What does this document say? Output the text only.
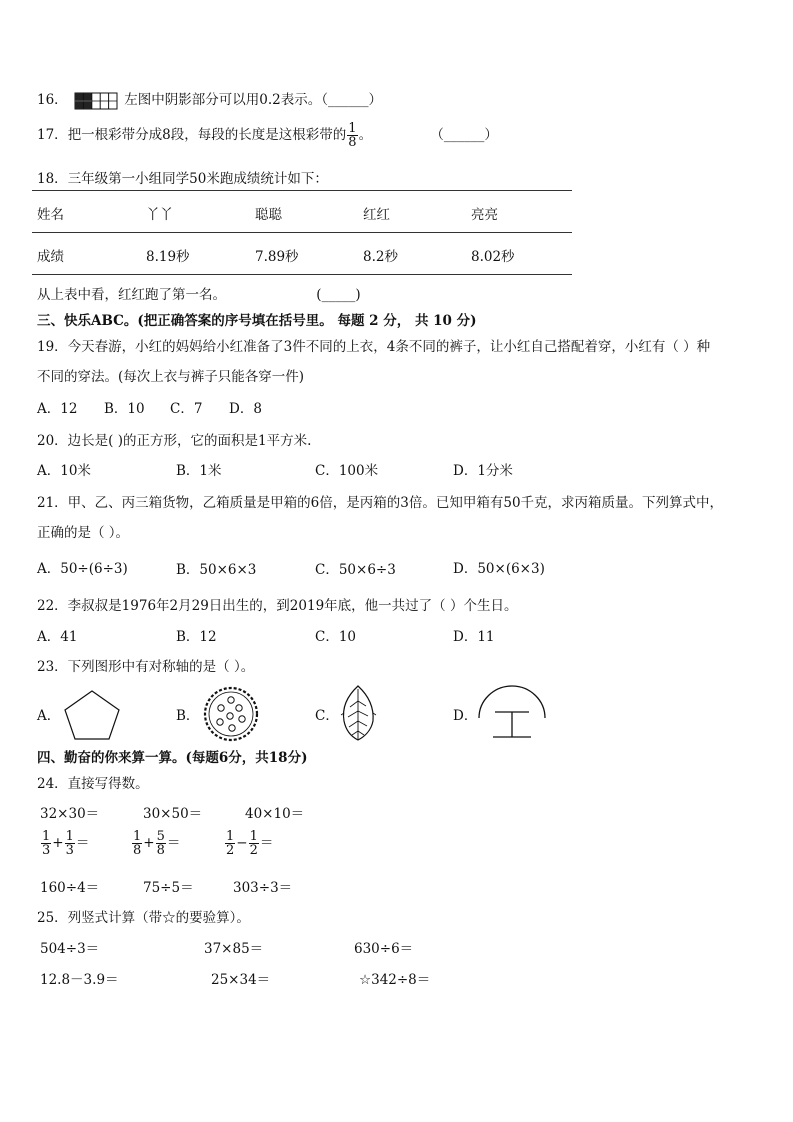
16．	左图中阴影部分可以用0.2表示。（______）
17．把一根彩带分成8段，每段的长度是这根彩带的 $\frac{1}{8}$ 。	（______）
18．三年级第一小组同学50米跑成绩统计如下：
姓名	丫丫	聪聪	红红	亮亮
成绩	8.19秒	7.89秒	8.2秒	8.02秒
从上表中看，红红跑了第一名。	(_____)
三、快乐ABC。(把正确答案的序号填在括号里。 每题 2 分， 共 10 分)
19．今天春游，小红的妈妈给小红准备了3件不同的上衣，4条不同的裤子，让小红自己搭配着穿，小红有（ ）种
不同的穿法。(每次上衣与裤子只能各穿一件)
A．12 B．10 C．7 D．8
20．边长是( )的正方形，它的面积是1平方米.
A．10米	B．1米	C．100米	D．1分米
21．甲、乙、丙三箱货物，乙箱质量是甲箱的6倍，是丙箱的3倍。已知甲箱有50千克，求丙箱质量。下列算式中，
正确的是（ ）。
A．50÷(6÷3)	B．50×6×3	C．50×6÷3	D．50×(6×3)
22．李叔叔是1976年2月29日出生的，到2019年底，他一共过了（ ）个生日。
A．41	B．12	C．10	D．11
23．下列图形中有对称轴的是（ ）。
A．	B．	C．	D．
四、勤奋的你来算一算。(每题6分，共18分)
24．直接写得数。
32×30＝	30×50＝	40×10＝
$\frac{1}{3} + \frac{1}{3}$ ＝	$\frac{1}{8} + \frac{5}{8}$ ＝	$\frac{1}{2} - \frac{1}{2}$ ＝
160÷4＝	75÷5＝	303÷3＝
25．列竖式计算（带☆的要验算）。
504÷3＝	37×85＝	630÷6＝
12.8－3.9＝	25×34＝	☆342÷8＝
